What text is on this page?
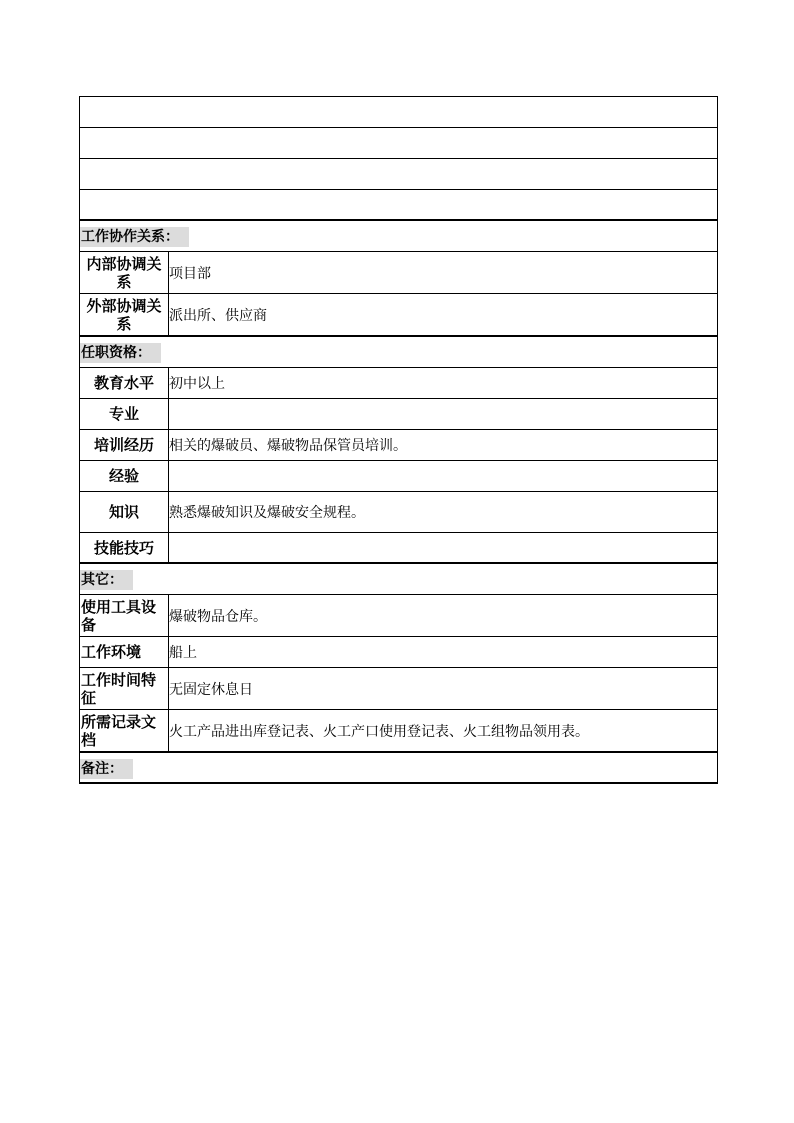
工作协作关系：
内部协调关系	项目部
外部协调关系	派出所、供应商
任职资格：
教育水平	初中以上
专业
培训经历	相关的爆破员、爆破物品保管员培训。
经验
知识	熟悉爆破知识及爆破安全规程。
技能技巧
其它：
使用工具设备	爆破物品仓库。
工作环境	船上
工作时间特征	无固定休息日
所需记录文档	火工产品进出库登记表、火工产口使用登记表、火工组物品领用表。
备注：
